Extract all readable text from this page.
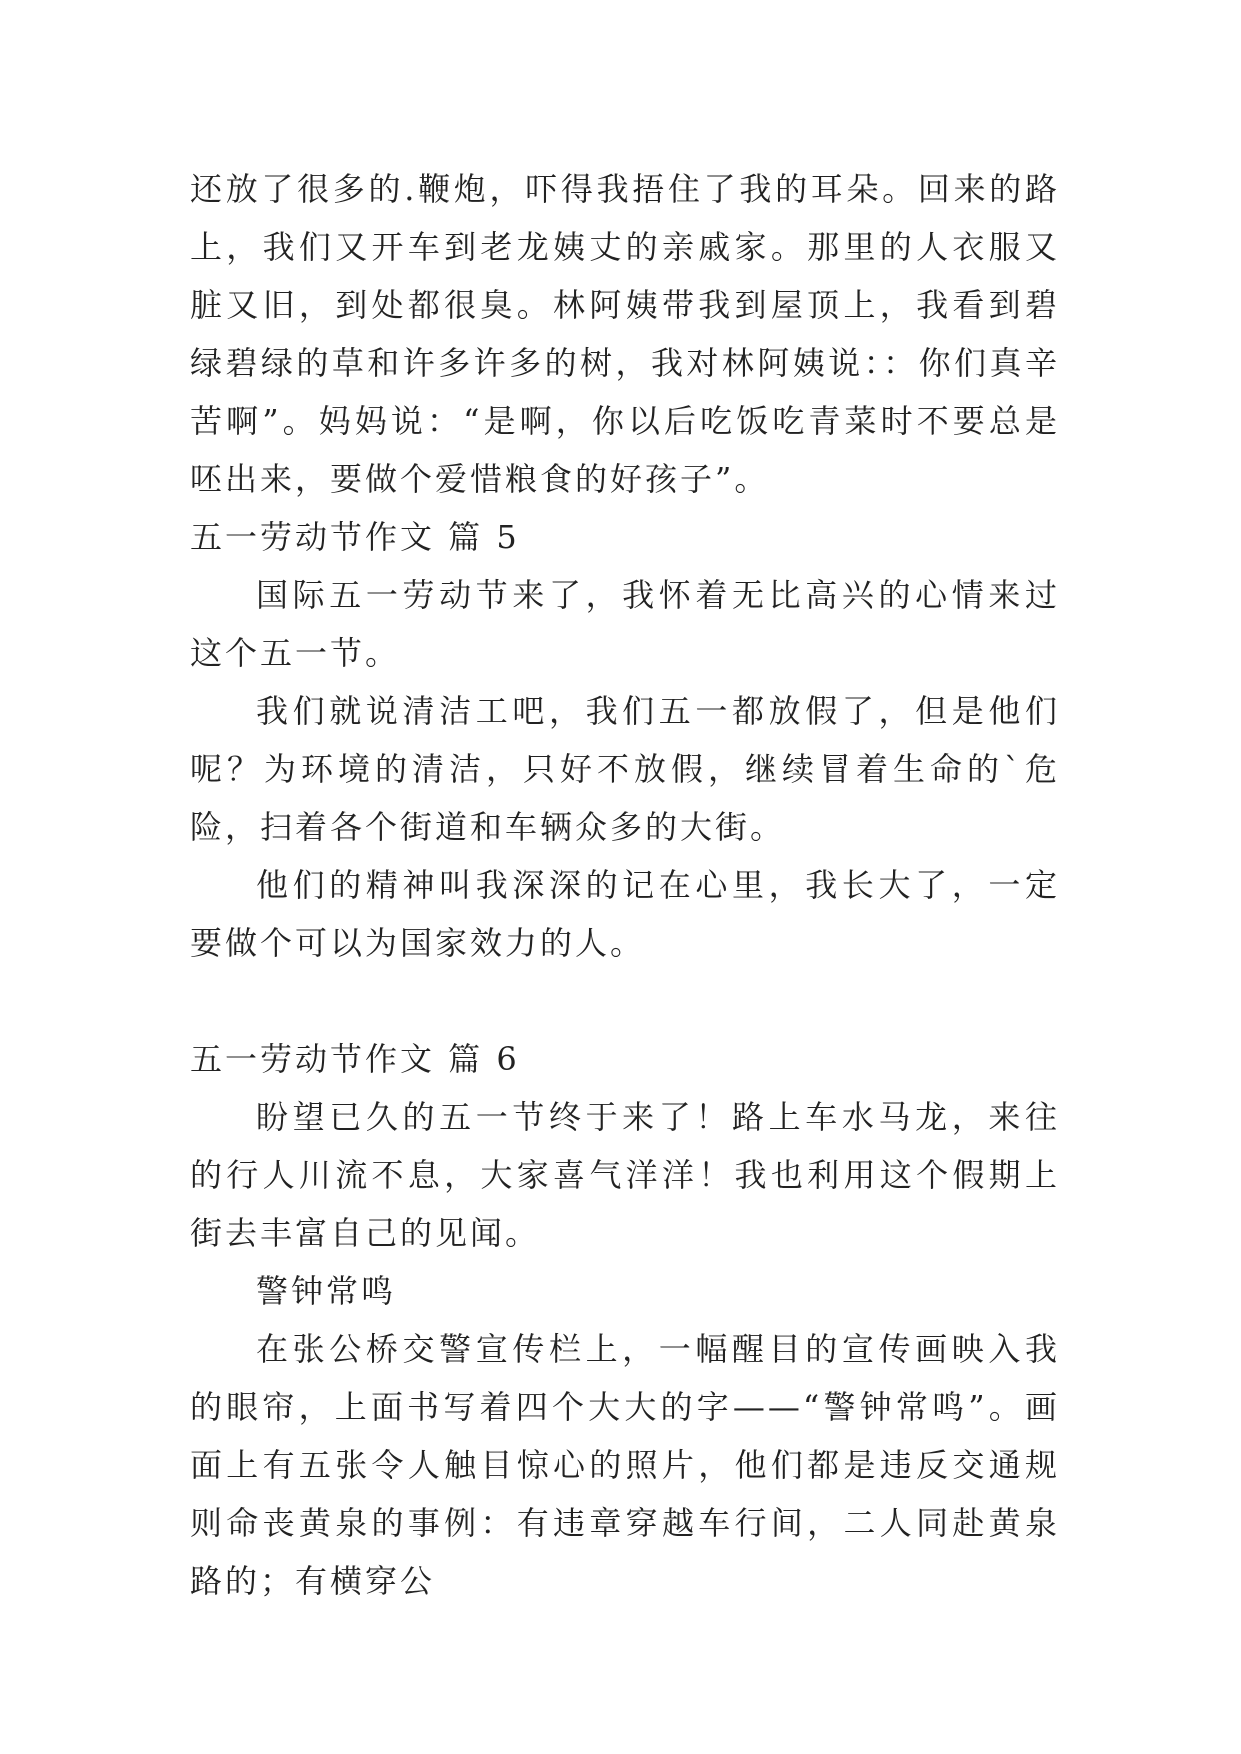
还放了很多的.鞭炮，吓得我捂住了我的耳朵。回来的路上，我们又开车到老龙姨丈的亲戚家。那里的人衣服又脏又旧，到处都很臭。林阿姨带我到屋顶上，我看到碧绿碧绿的草和许多许多的树，我对林阿姨说：：你们真辛苦啊”。妈妈说：“是啊，你以后吃饭吃青菜时不要总是呸出来，要做个爱惜粮食的好孩子”。

五一劳动节作文 篇 5

国际五一劳动节来了，我怀着无比高兴的心情来过这个五一节。

我们就说清洁工吧，我们五一都放假了，但是他们呢？为环境的清洁，只好不放假，继续冒着生命的`危险，扫着各个街道和车辆众多的大街。

他们的精神叫我深深的记在心里，我长大了，一定要做个可以为国家效力的人。

五一劳动节作文 篇 6

盼望已久的五一节终于来了！路上车水马龙，来往的行人川流不息，大家喜气洋洋！我也利用这个假期上街去丰富自己的见闻。

警钟常鸣

在张公桥交警宣传栏上，一幅醒目的宣传画映入我的眼帘，上面书写着四个大大的字——“警钟常鸣”。画面上有五张令人触目惊心的照片，他们都是违反交通规则命丧黄泉的事例：有违章穿越车行间，二人同赴黄泉路的；有横穿公
